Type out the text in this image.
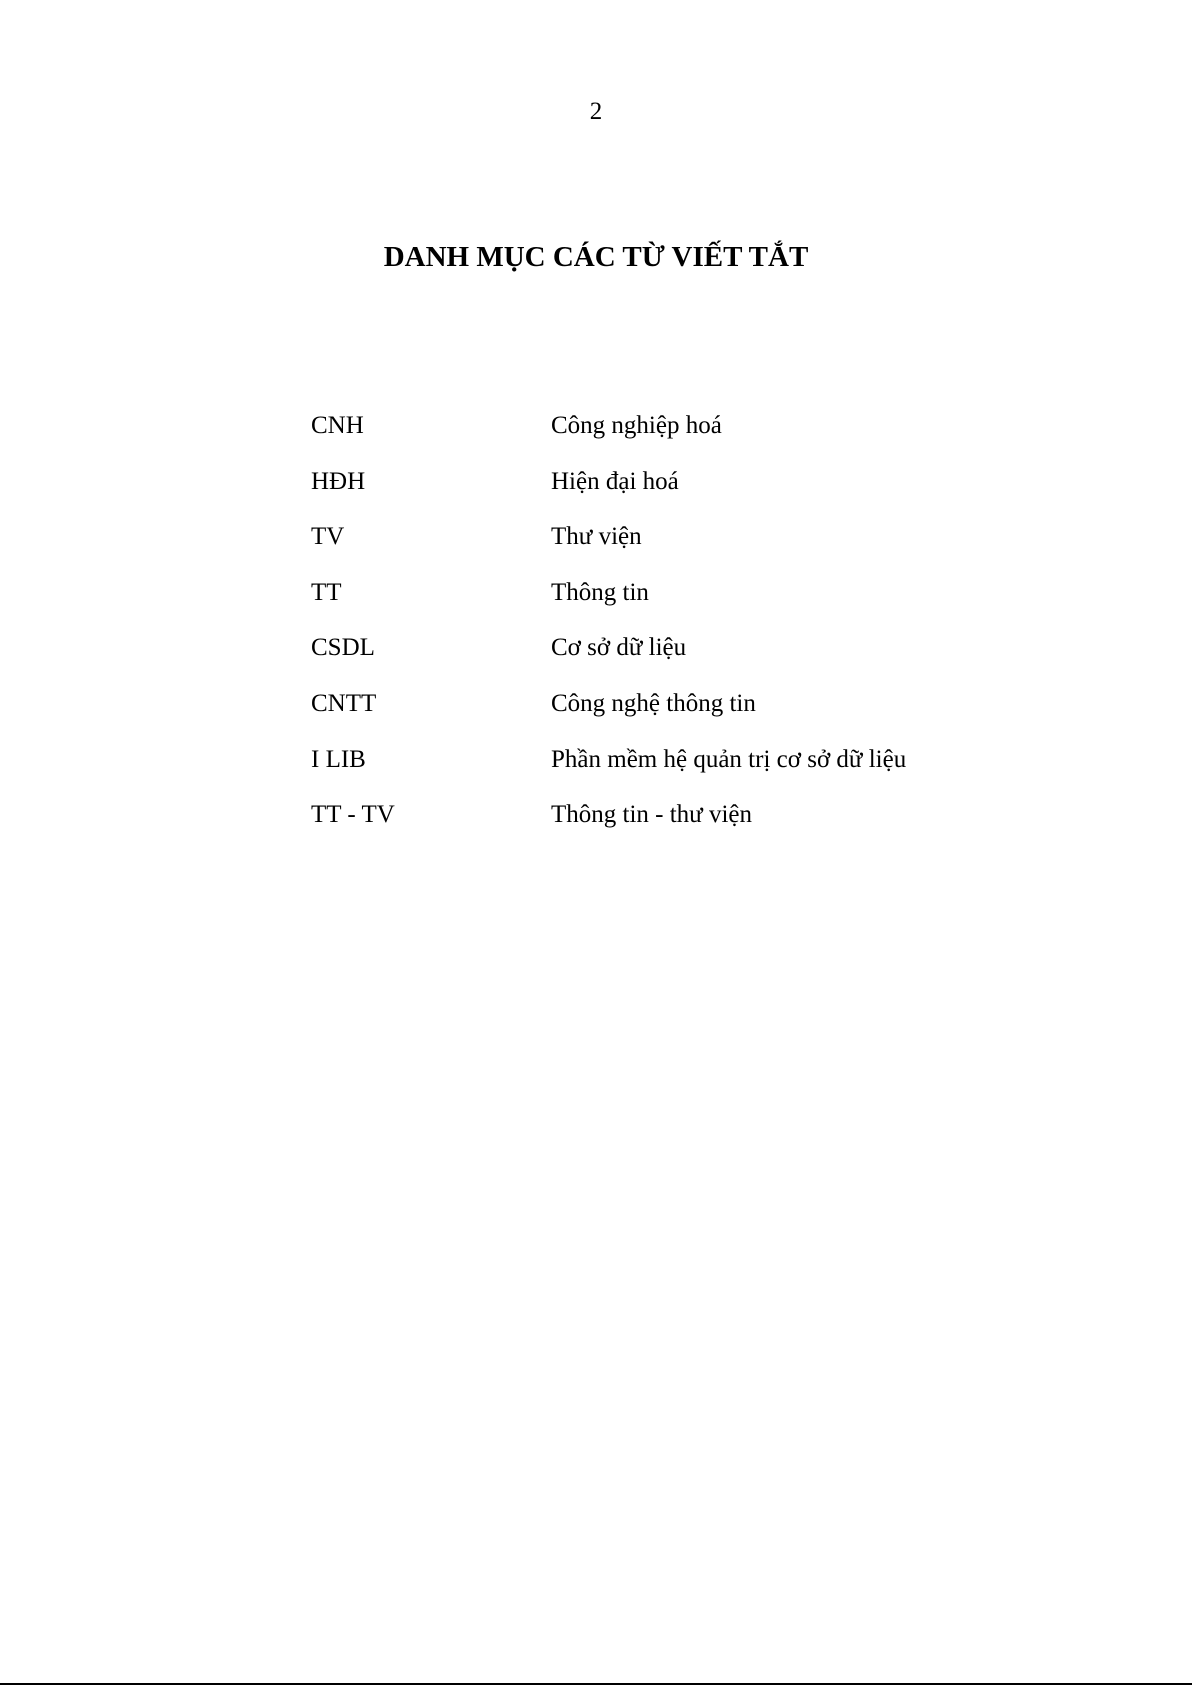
2
DANH MỤC CÁC TỪ VIẾT TẮT
CNH	Công nghiệp hoá
HĐH	Hiện đại hoá
TV	Thư viện
TT	Thông tin
CSDL	Cơ sở dữ liệu
CNTT	Công nghệ thông tin
I LIB	Phần mềm hệ quản trị cơ sở dữ liệu
TT - TV	Thông tin - thư viện
